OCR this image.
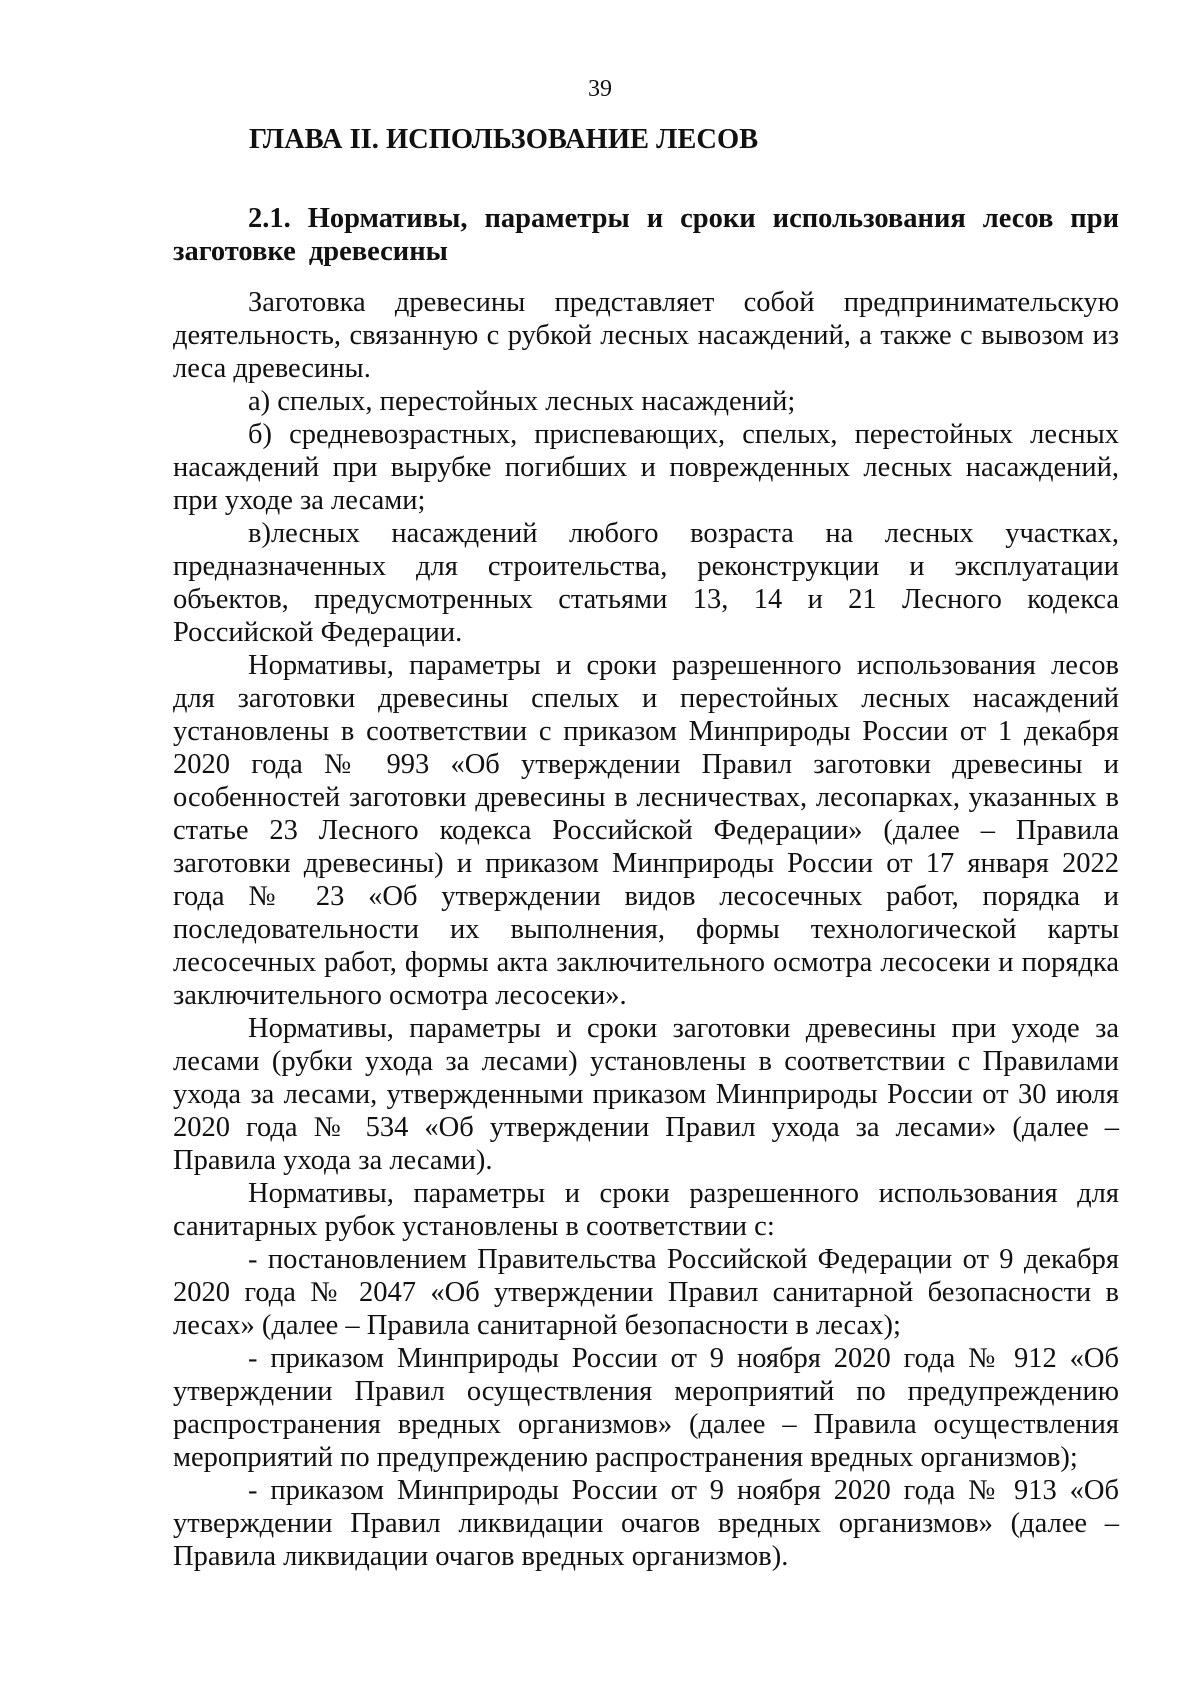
39
ГЛАВА II. ИСПОЛЬЗОВАНИЕ ЛЕСОВ
2.1. Нормативы, параметры и сроки использования лесов при заготовке древесины

Заготовка древесины представляет собой предпринимательскую деятельность, связанную с рубкой лесных насаждений, а также с вывозом из леса древесины.

а) спелых, перестойных лесных насаждений;

б) средневозрастных, приспевающих, спелых, перестойных лесных насаждений при вырубке погибших и поврежденных лесных насаждений, при уходе за лесами;

в)лесных насаждений любого возраста на лесных участках, предназначенных для строительства, реконструкции и эксплуатации объектов, предусмотренных статьями 13, 14 и 21 Лесного кодекса Российской Федерации.

Нормативы, параметры и сроки разрешенного использования лесов для заготовки древесины спелых и перестойных лесных насаждений установлены в соответствии с приказом Минприроды России от 1 декабря 2020 года № 993 «Об утверждении Правил заготовки древесины и особенностей заготовки древесины в лесничествах, лесопарках, указанных в статье 23 Лесного кодекса Российской Федерации» (далее – Правила заготовки древесины) и приказом Минприроды России от 17 января 2022 года № 23 «Об утверждении видов лесосечных работ, порядка и последовательности их выполнения, формы технологической карты лесосечных работ, формы акта заключительного осмотра лесосеки и порядка заключительного осмотра лесосеки».

Нормативы, параметры и сроки заготовки древесины при уходе за лесами (рубки ухода за лесами) установлены в соответствии с Правилами ухода за лесами, утвержденными приказом Минприроды России от 30 июля 2020 года № 534 «Об утверждении Правил ухода за лесами» (далее – Правила ухода за лесами).

Нормативы, параметры и сроки разрешенного использования для санитарных рубок установлены в соответствии с:

- постановлением Правительства Российской Федерации от 9 декабря 2020 года № 2047 «Об утверждении Правил санитарной безопасности в лесах» (далее – Правила санитарной безопасности в лесах);

- приказом Минприроды России от 9 ноября 2020 года № 912 «Об утверждении Правил осуществления мероприятий по предупреждению распространения вредных организмов» (далее – Правила осуществления мероприятий по предупреждению распространения вредных организмов);

- приказом Минприроды России от 9 ноября 2020 года № 913 «Об утверждении Правил ликвидации очагов вредных организмов» (далее – Правила ликвидации очагов вредных организмов).
